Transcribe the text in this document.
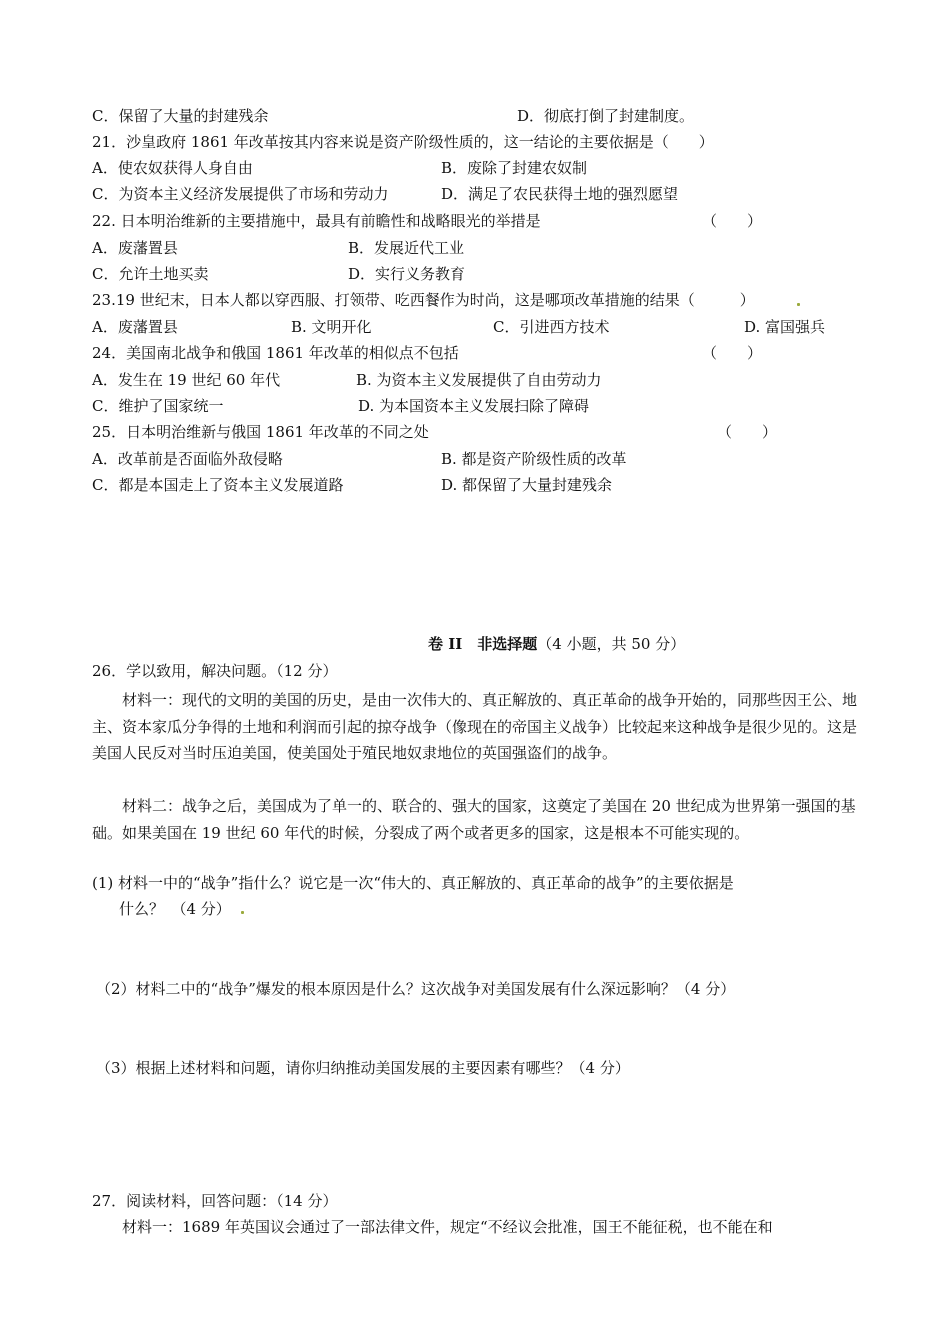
C．保留了大量的封建残余	D．彻底打倒了封建制度。
21．沙皇政府 1861 年改革按其内容来说是资产阶级性质的，这一结论的主要依据是（　　）
A．使农奴获得人身自由	B．废除了封建农奴制
C．为资本主义经济发展提供了市场和劳动力	D．满足了农民获得土地的强烈愿望
22. 日本明治维新的主要措施中，最具有前瞻性和战略眼光的举措是	（　　）
A．废藩置县	B．发展近代工业
C．允许土地买卖	D．实行义务教育
23.19 世纪末，日本人都以穿西服、打领带、吃西餐作为时尚，这是哪项改革措施的结果（　　　）
A．废藩置县	B. 文明开化	C．引进西方技术	D. 富国强兵
24．美国南北战争和俄国 1861 年改革的相似点不包括	（　　）
A．发生在 19 世纪 60 年代	B. 为资本主义发展提供了自由劳动力
C．维护了国家统一	D. 为本国资本主义发展扫除了障碍
25．日本明治维新与俄国 1861 年改革的不同之处	（　　）
A．改革前是否面临外敌侵略	B. 都是资产阶级性质的改革
C．都是本国走上了资本主义发展道路	D. 都保留了大量封建残余
卷 II　非选择题（4 小题，共 50 分）
26．学以致用，解决问题。（12 分）
材料一：现代的文明的美国的历史，是由一次伟大的、真正解放的、真正革命的战争开始的，同那些因王公、地主、资本家瓜分争得的土地和利润而引起的掠夺战争（像现在的帝国主义战争）比较起来这种战争是很少见的。这是美国人民反对当时压迫美国，使美国处于殖民地奴隶地位的英国强盗们的战争。
材料二：战争之后，美国成为了单一的、联合的、强大的国家，这奠定了美国在 20 世纪成为世界第一强国的基础。如果美国在 19 世纪 60 年代的时候，分裂成了两个或者更多的国家，这是根本不可能实现的。
(1) 材料一中的“战争”指什么？说它是一次“伟大的、真正解放的、真正革命的战争”的主要依据是
什么？　（4 分）
（2）材料二中的“战争”爆发的根本原因是什么？这次战争对美国发展有什么深远影响？（4 分）
（3）根据上述材料和问题，请你归纳推动美国发展的主要因素有哪些？（4 分）
27．阅读材料，回答问题：（14 分）
材料一：1689 年英国议会通过了一部法律文件，规定“不经议会批准，国王不能征税，也不能在和
